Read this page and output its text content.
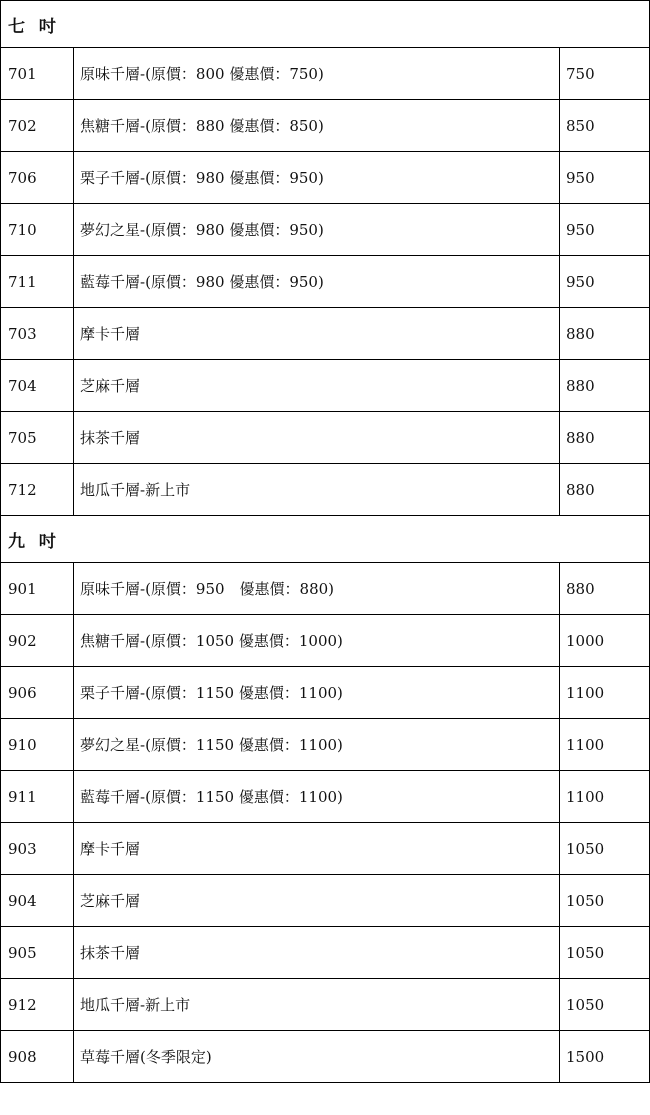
七 吋
701	原味千層-(原價：800 優惠價：750)	750
702	焦糖千層-(原價：880 優惠價：850)	850
706	栗子千層-(原價：980 優惠價：950)	950
710	夢幻之星-(原價：980 優惠價：950)	950
711	藍莓千層-(原價：980 優惠價：950)	950
703	摩卡千層	880
704	芝麻千層	880
705	抹茶千層	880
712	地瓜千層-新上市	880
九 吋
901	原味千層-(原價：950　優惠價：880)	880
902	焦糖千層-(原價：1050 優惠價：1000)	1000
906	栗子千層-(原價：1150 優惠價：1100)	1100
910	夢幻之星-(原價：1150 優惠價：1100)	1100
911	藍莓千層-(原價：1150 優惠價：1100)	1100
903	摩卡千層	1050
904	芝麻千層	1050
905	抹茶千層	1050
912	地瓜千層-新上市	1050
908	草莓千層(冬季限定)	1500
